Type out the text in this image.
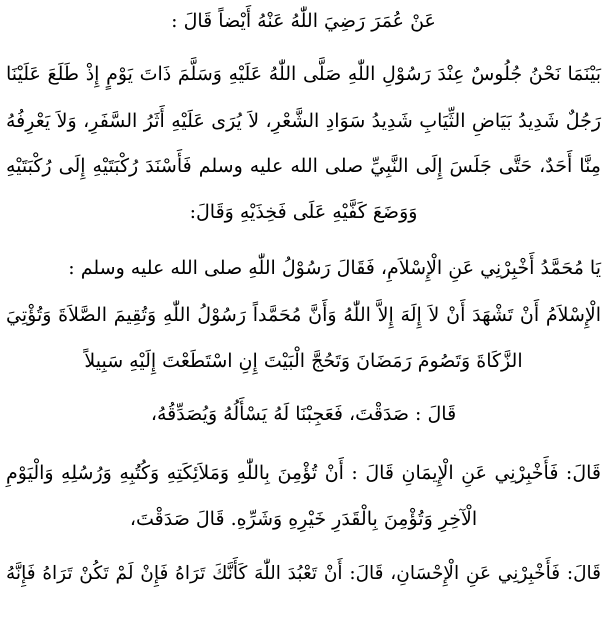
عَنْ عُمَرَ رَضِيَ اللّٰهُ عَنْهُ أَيْضاً قَالَ :
بَيْنَمَا نَحْنُ جُلُوسٌ عِنْدَ رَسُوْلِ اللّٰهِ صَلَّى اللّٰهُ عَلَيْهِ وَسَلَّمَ ذَاتَ يَوْمٍ إِذْ طَلَعَ عَلَيْنَا
رَجُلٌ شَدِيدُ بَيَاضِ الثِّيَابِ شَدِيدُ سَوَادِ الشَّعْرِ، لاَ يُرَى عَلَيْهِ أَثَرُ السَّفَرِ، وَلاَ يَعْرِفُهُ
مِنَّا أَحَدٌ، حَتَّى جَلَسَ إِلَى النَّبِيِّ صلى الله عليه وسلم فَأَسْنَدَ رُكْبَتَيْهِ إِلَى رُكْبَتَيْهِ
وَوَضَعَ كَفَّيْهِ عَلَى فَخِذَيْهِ وَقَالَ:
يَا مُحَمَّدُ أَخْبِرْنِي عَنِ الْإِسْلاَمِ، فَقَالَ رَسُوْلُ اللّٰهِ صلى الله عليه وسلم :
الْإِسْلاَمُ أَنْ تَشْهَدَ أَنْ لاَ إِلَهَ إِلاَّ اللّٰهُ وَأَنَّ مُحَمَّداً رَسُوْلُ اللّٰهِ وَتُقِيمَ الصَّلاَةَ وَتُؤْتِيَ
الزَّكَاةَ وَتَصُومَ رَمَضَانَ وَتَحُجَّ الْبَيْتَ إِنِ اسْتَطَعْتَ إِلَيْهِ سَبِيلاً
قَالَ : صَدَقْتَ، فَعَجِبْنَا لَهُ يَسْأَلُهُ وَيُصَدِّقُهُ،
قَالَ: فَأَخْبِرْنِي عَنِ الْإِيمَانِ قَالَ : أَنْ تُؤْمِنَ بِاللّٰهِ وَمَلاَئِكَتِهِ وَكُتُبِهِ وَرُسُلِهِ وَالْيَوْمِ
الْآخِرِ وَتُؤْمِنَ بِالْقَدَرِ خَيْرِهِ وَشَرِّهِ. قَالَ صَدَقْتَ،
قَالَ: فَأَخْبِرْنِي عَنِ الْإِحْسَانِ، قَالَ: أَنْ تَعْبُدَ اللّٰهَ كَأَنَّكَ تَرَاهُ فَإِنْ لَمْ تَكُنْ تَرَاهُ فَإِنَّهُ
